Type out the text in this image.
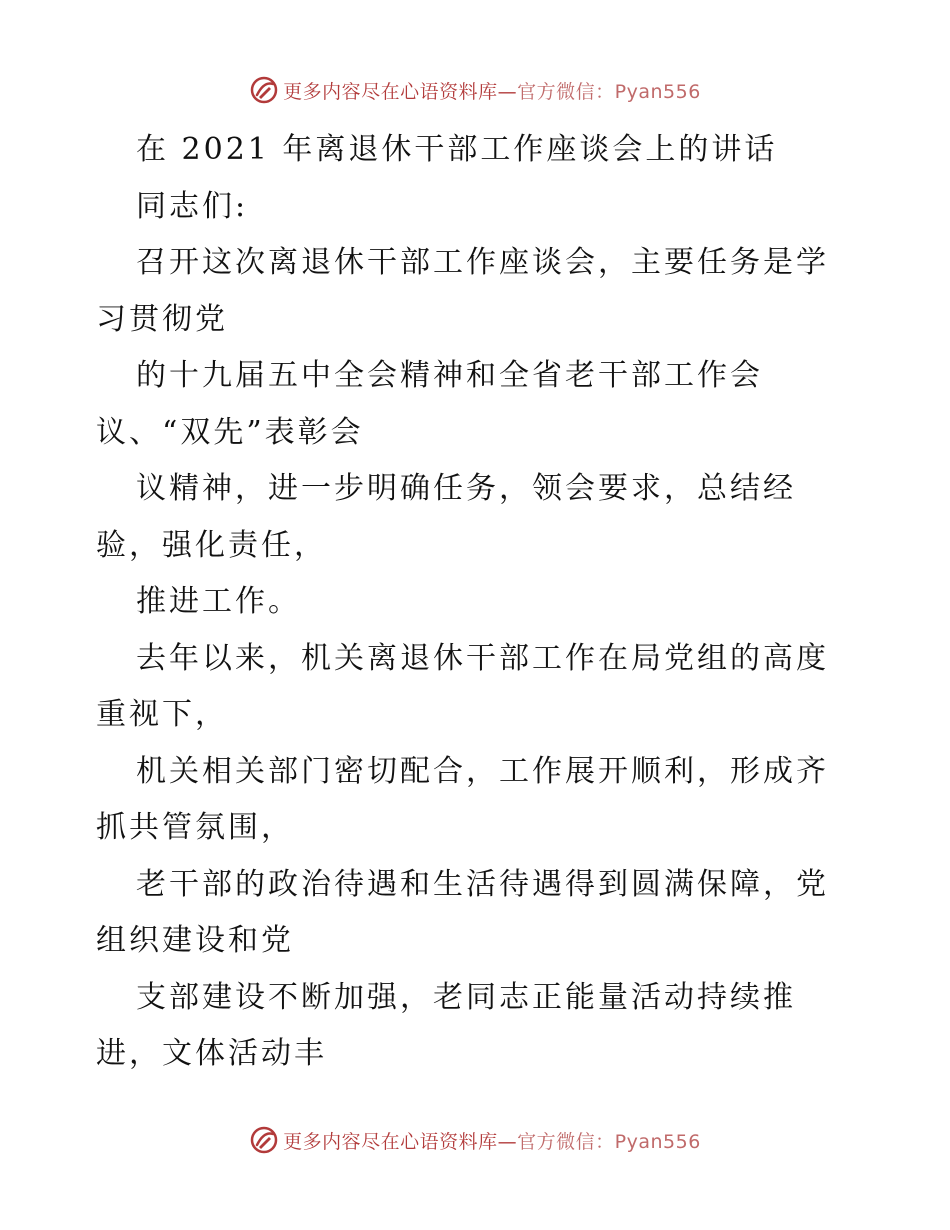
更多内容尽在心语资料库—官方微信：Pyan556
在 2021 年离退休干部工作座谈会上的讲话
同志们:
召开这次离退休干部工作座谈会，主要任务是学
习贯彻党
的十九届五中全会精神和全省老干部工作会
议、“双先”表彰会
议精神，进一步明确任务，领会要求，总结经
验，强化责任，
推进工作。
去年以来，机关离退休干部工作在局党组的高度
重视下，
机关相关部门密切配合，工作展开顺利，形成齐
抓共管氛围，
老干部的政治待遇和生活待遇得到圆满保障，党
组织建设和党
支部建设不断加强，老同志正能量活动持续推
进，文体活动丰
更多内容尽在心语资料库—官方微信：Pyan556
